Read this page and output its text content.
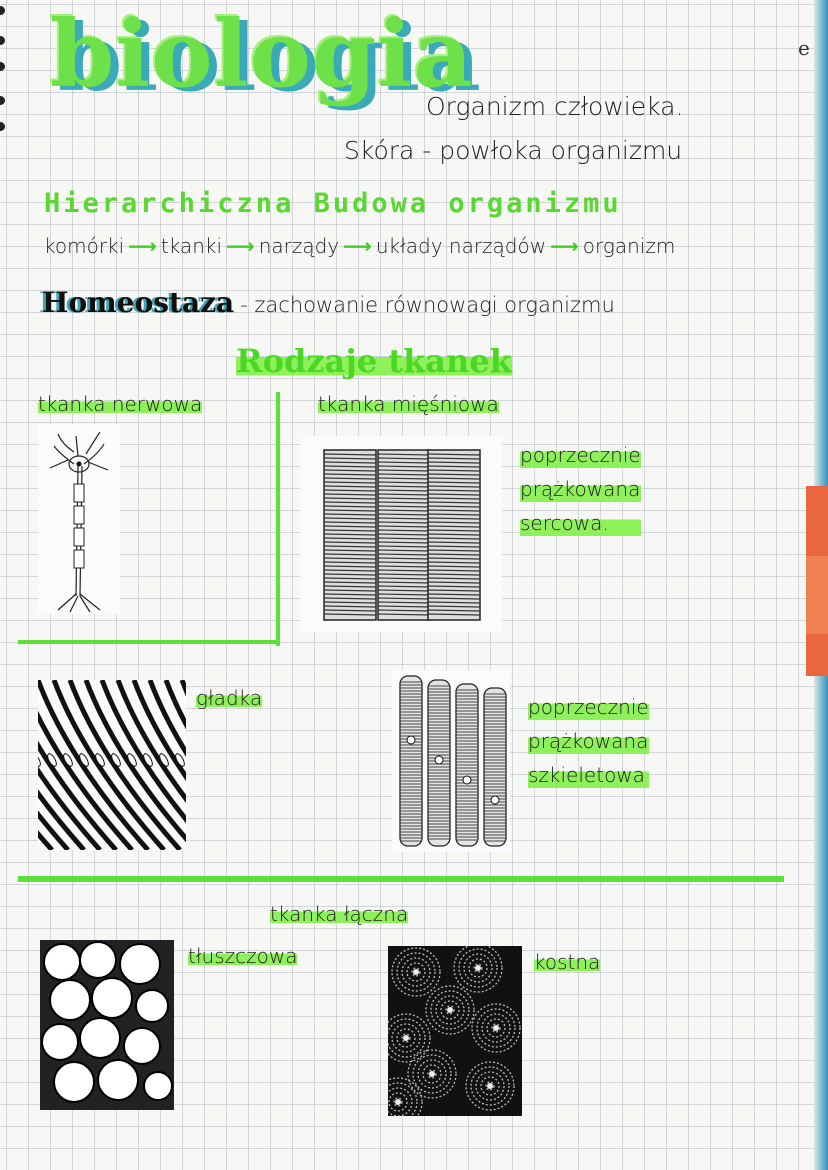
e
biologia
Organizm człowieka.
Skóra - powłoka organizmu
Hierarchiczna Budowa organizmu
komórki ⟶ tkanki ⟶ narządy ⟶ układy narządów ⟶ organizm
Homeostaza - zachowanie równowagi organizmu
Rodzaje tkanek
tkanka nerwowa	tkanka mięśniowa
poprzecznie
prążkowana
sercowa.
gładka	poprzecznie
prążkowana
szkieletowa
tkanka łączna
tłuszczowa	kostna
